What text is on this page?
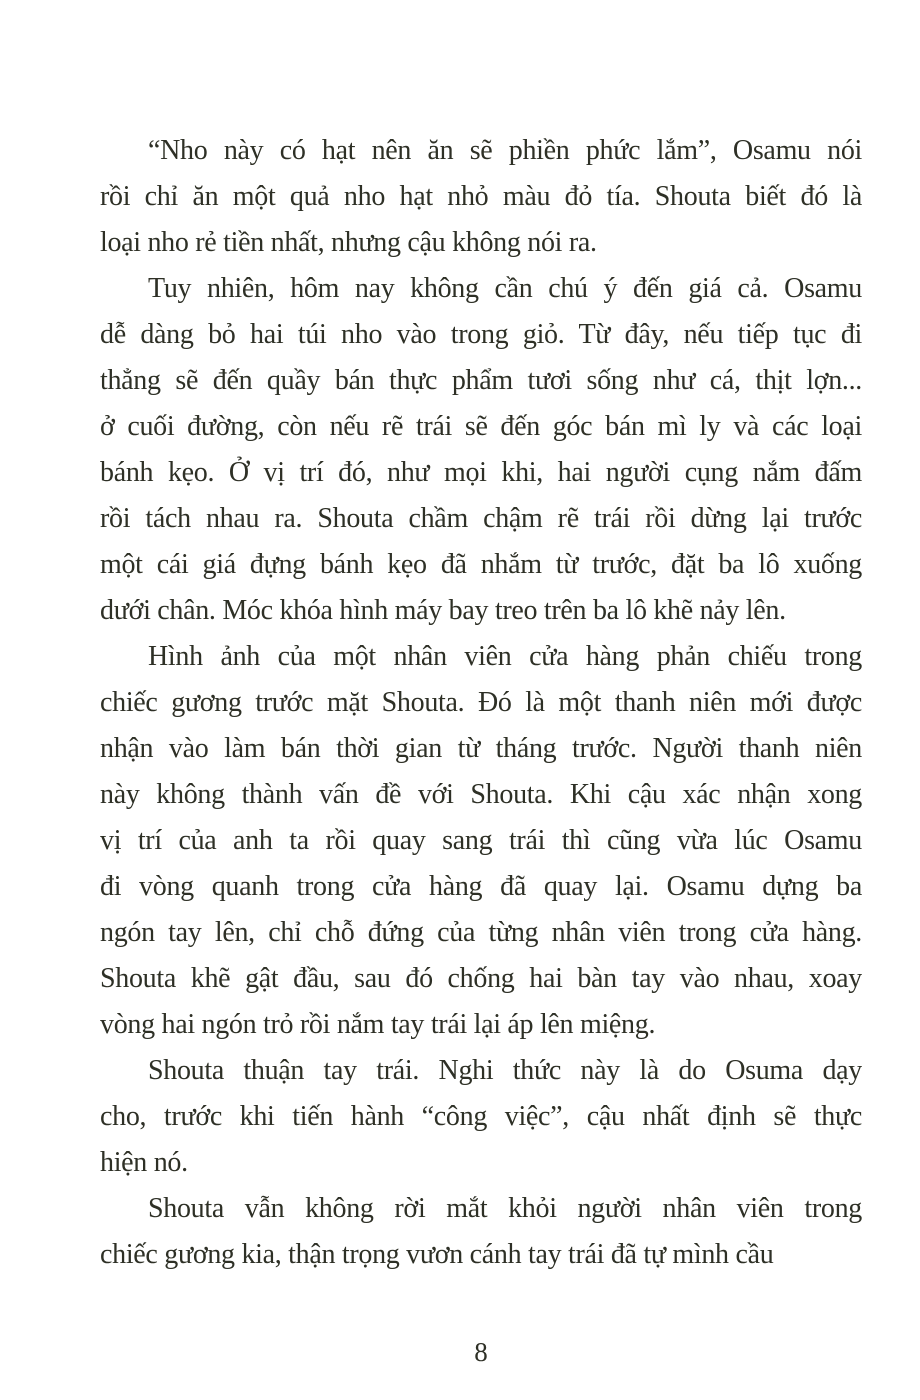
“Nho này có hạt nên ăn sẽ phiền phức lắm”, Osamu nói
rồi chỉ ăn một quả nho hạt nhỏ màu đỏ tía. Shouta biết đó là
loại nho rẻ tiền nhất, nhưng cậu không nói ra.
Tuy nhiên, hôm nay không cần chú ý đến giá cả. Osamu
dễ dàng bỏ hai túi nho vào trong giỏ. Từ đây, nếu tiếp tục đi
thẳng sẽ đến quầy bán thực phẩm tươi sống như cá, thịt lợn...
ở cuối đường, còn nếu rẽ trái sẽ đến góc bán mì ly và các loại
bánh kẹo. Ở vị trí đó, như mọi khi, hai người cụng nắm đấm
rồi tách nhau ra. Shouta chầm chậm rẽ trái rồi dừng lại trước
một cái giá đựng bánh kẹo đã nhắm từ trước, đặt ba lô xuống
dưới chân. Móc khóa hình máy bay treo trên ba lô khẽ nảy lên.
Hình ảnh của một nhân viên cửa hàng phản chiếu trong
chiếc gương trước mặt Shouta. Đó là một thanh niên mới được
nhận vào làm bán thời gian từ tháng trước. Người thanh niên
này không thành vấn đề với Shouta. Khi cậu xác nhận xong
vị trí của anh ta rồi quay sang trái thì cũng vừa lúc Osamu
đi vòng quanh trong cửa hàng đã quay lại. Osamu dựng ba
ngón tay lên, chỉ chỗ đứng của từng nhân viên trong cửa hàng.
Shouta khẽ gật đầu, sau đó chống hai bàn tay vào nhau, xoay
vòng hai ngón trỏ rồi nắm tay trái lại áp lên miệng.
Shouta thuận tay trái. Nghi thức này là do Osuma dạy
cho, trước khi tiến hành “công việc”, cậu nhất định sẽ thực
hiện nó.
Shouta vẫn không rời mắt khỏi người nhân viên trong
chiếc gương kia, thận trọng vươn cánh tay trái đã tự mình cầu
8
